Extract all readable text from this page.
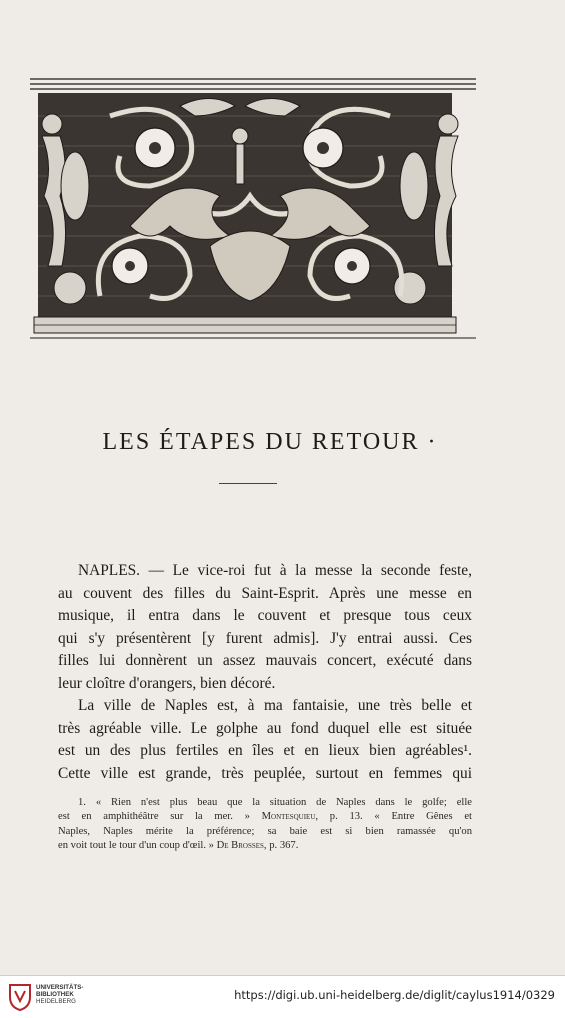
LES ÉTAPES DU RETOUR ·
NAPLES. — Le vice-roi fut à la messe la seconde feste,
au couvent des filles du Saint-Esprit. Après une messe en
musique, il entra dans le couvent et presque tous ceux
qui s'y présentèrent [y furent admis]. J'y entrai aussi. Ces
filles lui donnèrent un assez mauvais concert, exécuté dans
leur cloître d'orangers, bien décoré.
La ville de Naples est, à ma fantaisie, une très belle et
très agréable ville. Le golphe au fond duquel elle est située
est un des plus fertiles en îles et en lieux bien agréables¹.
Cette ville est grande, très peuplée, surtout en femmes qui
1. « Rien n'est plus beau que la situation de Naples dans le golfe; elle
est en amphithéâtre sur la mer. » Montesquieu, p. 13. « Entre Gênes et
Naples, Naples mérite la préférence; sa baie est si bien ramassée qu'on
en voit tout le tour d'un coup d'œil. » De Brosses, p. 367.
UNIVERSITÄTS-
BIBLIOTHEK
HEIDELBERG	https://digi.ub.uni-heidelberg.de/diglit/caylus1914/0329
